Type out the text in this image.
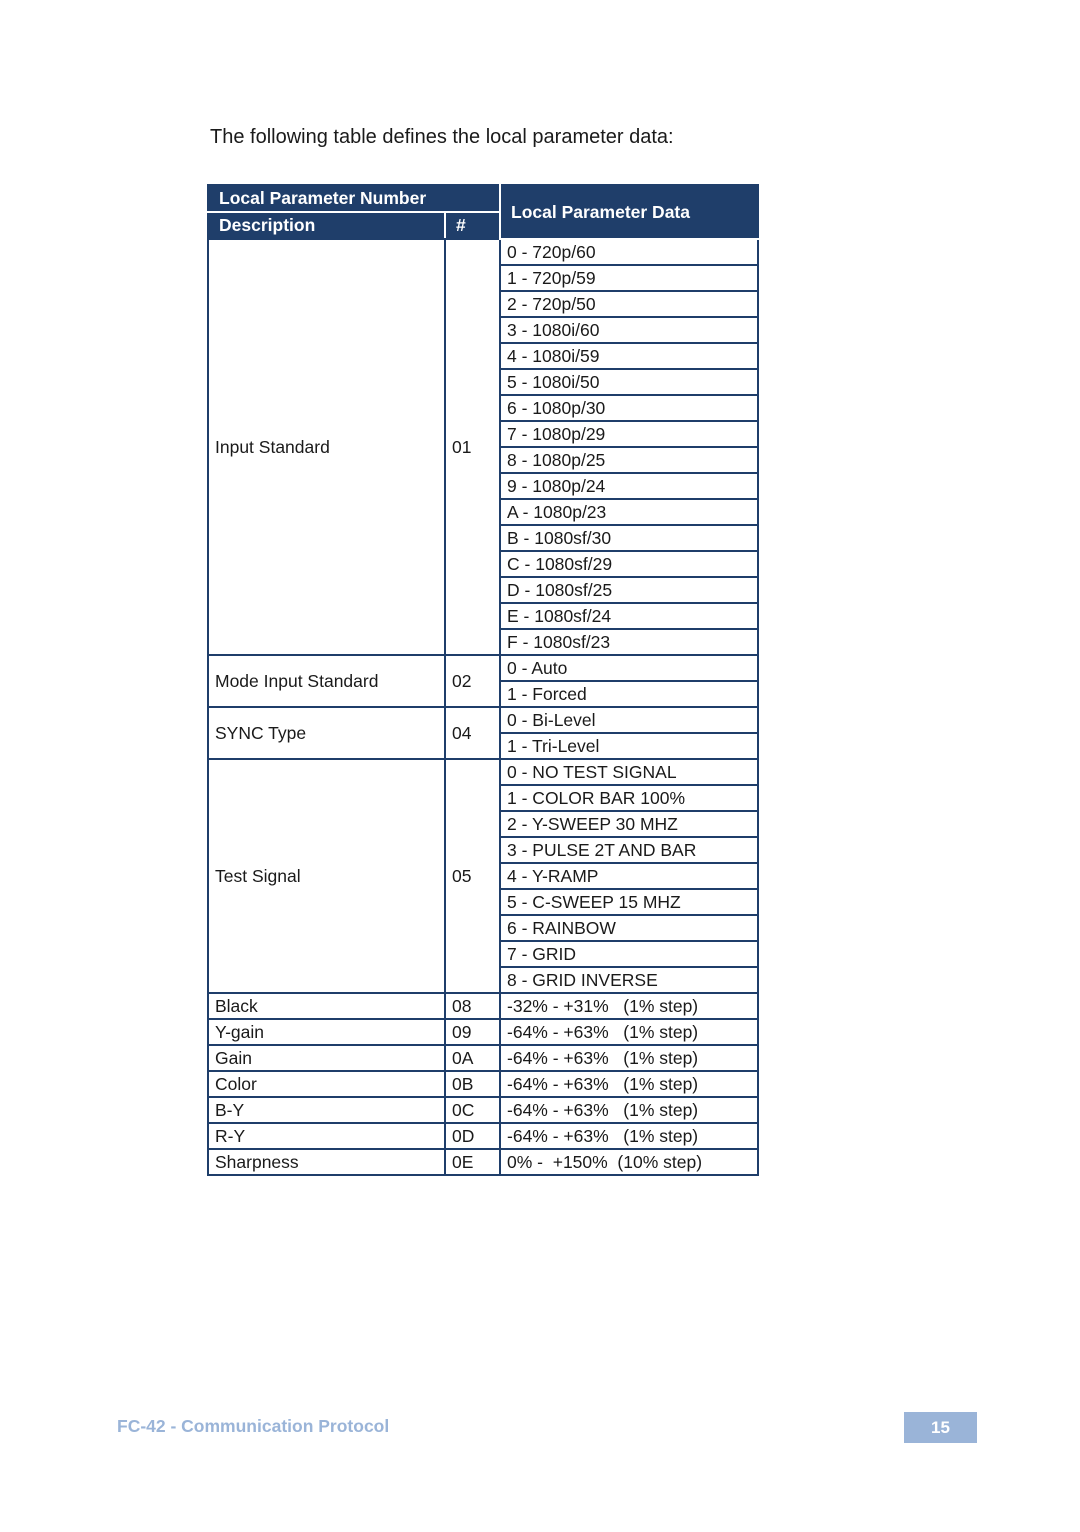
The following table defines the local parameter data:
Local Parameter Number		Local Parameter Data
Description	#	
Input Standard	01	0 - 720p/60
		1 - 720p/59
		2 - 720p/50
		3 - 1080i/60
		4 - 1080i/59
		5 - 1080i/50
		6 - 1080p/30
		7 - 1080p/29
		8 - 1080p/25
		9 - 1080p/24
		A - 1080p/23
		B - 1080sf/30
		C - 1080sf/29
		D - 1080sf/25
		E - 1080sf/24
		F - 1080sf/23
Mode Input Standard	02	0 - Auto
		1 - Forced
SYNC Type	04	0 - Bi-Level
		1 - Tri-Level
Test Signal	05	0 - NO TEST SIGNAL
		1 - COLOR BAR 100%
		2 - Y-SWEEP 30 MHZ
		3 - PULSE 2T AND BAR
		4 - Y-RAMP
		5 - C-SWEEP 15 MHZ
		6 - RAINBOW
		7 - GRID
		8 - GRID INVERSE
Black	08	-32% - +31%   (1% step)
Y-gain	09	-64% - +63%   (1% step)
Gain	0A	-64% - +63%   (1% step)
Color	0B	-64% - +63%   (1% step)
B-Y	0C	-64% - +63%   (1% step)
R-Y	0D	-64% - +63%   (1% step)
Sharpness	0E	0% -  +150%  (10% step)
FC-42 - Communication Protocol	15
